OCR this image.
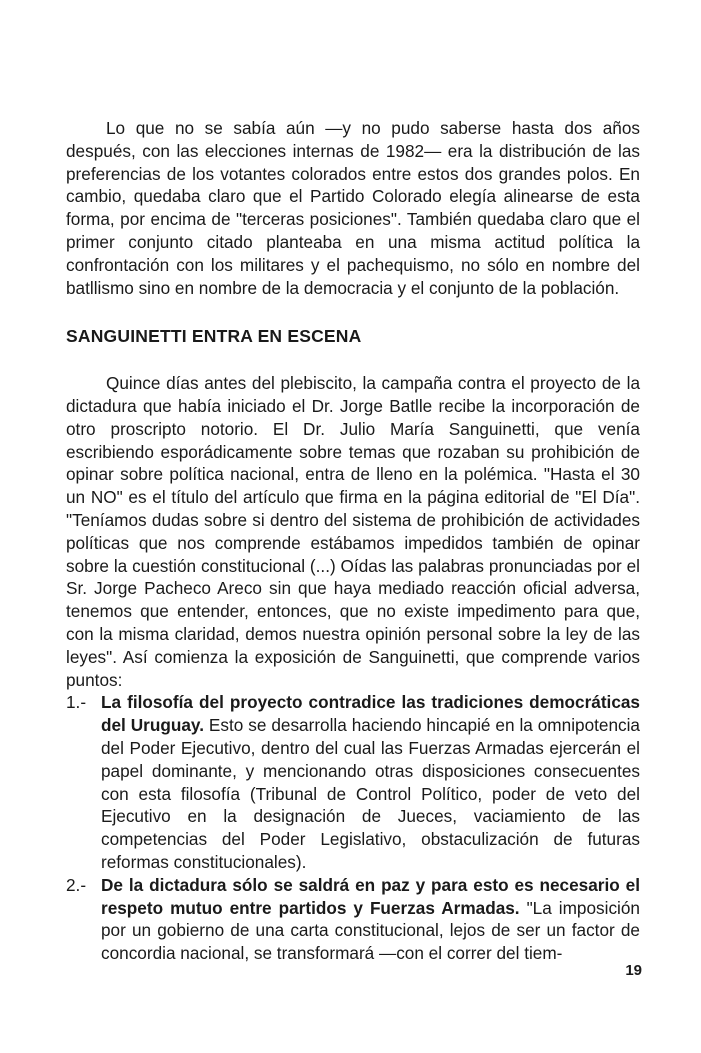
Lo que no se sabía aún —y no pudo saberse hasta dos años después, con las elecciones internas de 1982— era la distribución de las preferencias de los votantes colorados entre estos dos grandes polos. En cambio, quedaba claro que el Partido Colorado elegía alinearse de esta forma, por encima de "terceras posiciones". También quedaba claro que el primer conjunto citado planteaba en una misma actitud política la confrontación con los militares y el pachequismo, no sólo en nombre del batllismo sino en nombre de la democracia y el conjunto de la población.

SANGUINETTI ENTRA EN ESCENA

Quince días antes del plebiscito, la campaña contra el proyecto de la dictadura que había iniciado el Dr. Jorge Batlle recibe la incorporación de otro proscripto notorio. El Dr. Julio María Sanguinetti, que venía escribiendo esporádicamente sobre temas que rozaban su prohibición de opinar sobre política nacional, entra de lleno en la polémica. "Hasta el 30 un NO" es el título del artículo que firma en la página editorial de "El Día". "Teníamos dudas sobre si dentro del sistema de prohibición de actividades políticas que nos comprende estábamos impedidos también de opinar sobre la cuestión constitucional (...) Oídas las palabras pronunciadas por el Sr. Jorge Pacheco Areco sin que haya mediado reacción oficial adversa, tenemos que entender, entonces, que no existe impedimento para que, con la misma claridad, demos nuestra opinión personal sobre la ley de las leyes". Así comienza la exposición de Sanguinetti, que comprende varios puntos:

1.- La filosofía del proyecto contradice las tradiciones democráticas del Uruguay. Esto se desarrolla haciendo hincapié en la omnipotencia del Poder Ejecutivo, dentro del cual las Fuerzas Armadas ejercerán el papel dominante, y mencionando otras disposiciones consecuentes con esta filosofía (Tribunal de Control Político, poder de veto del Ejecutivo en la designación de Jueces, vaciamiento de las competencias del Poder Legislativo, obstaculización de futuras reformas constitucionales).
2.- De la dictadura sólo se saldrá en paz y para esto es necesario el respeto mutuo entre partidos y Fuerzas Armadas. "La imposición por un gobierno de una carta constitucional, lejos de ser un factor de concordia nacional, se transformará —con el correr del tiem-
19
